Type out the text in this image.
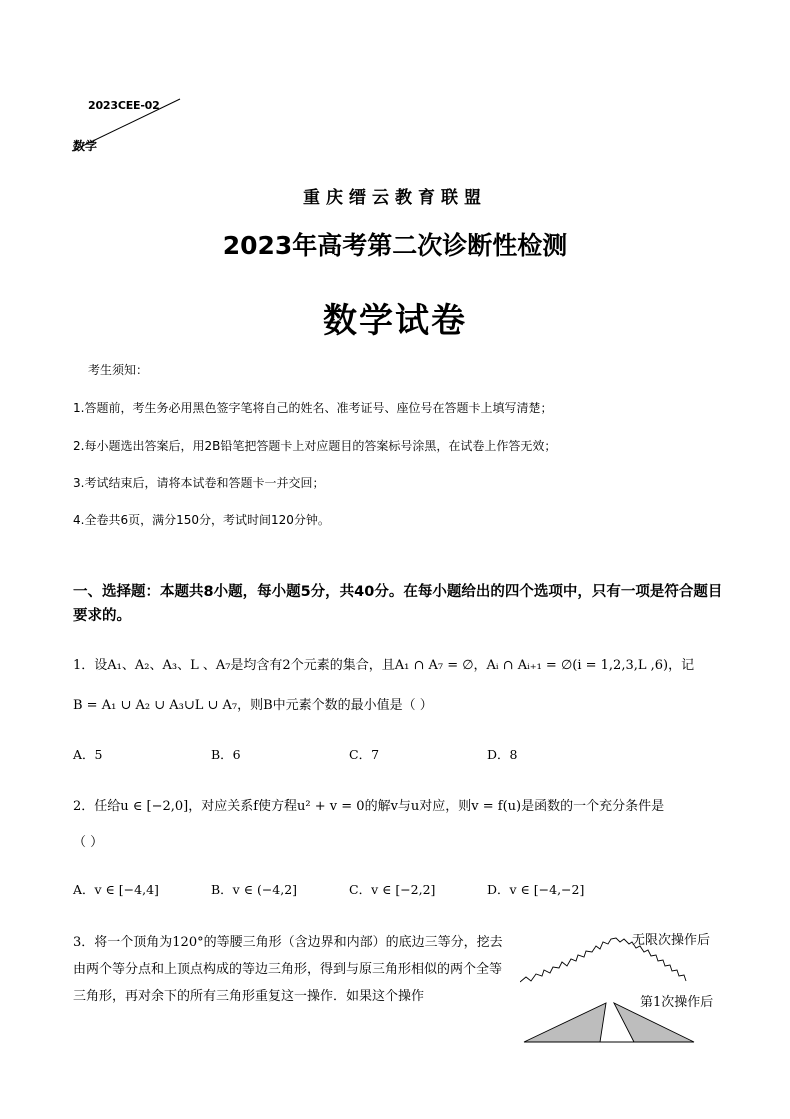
2023CEE-02
数学
重庆缙云教育联盟
2023年高考第二次诊断性检测
数学试卷
考生须知：
1.答题前，考生务必用黑色签字笔将自己的姓名、准考证号、座位号在答题卡上填写清楚；
2.每小题选出答案后，用2B铅笔把答题卡上对应题目的答案标号涂黑，在试卷上作答无效；
3.考试结束后，请将本试卷和答题卡一并交回；
4.全卷共6页，满分150分，考试时间120分钟。
一、选择题：本题共8小题，每小题5分，共40分。在每小题给出的四个选项中，只有一项是符合题目要求的。
1．设A₁、A₂、A₃、L 、A₇是均含有2个元素的集合，且A₁ ∩ A₇ = ∅，Aᵢ ∩ Aᵢ₊₁ = ∅(i = 1,2,3,L ,6)，记
B = A₁ ∪ A₂ ∪ A₃∪L ∪ A₇，则B中元素个数的最小值是（ ）
A．5	B．6	C．7	D．8
2．任给u ∈ [−2,0]，对应关系f使方程u² + v = 0的解v与u对应，则v = f(u)是函数的一个充分条件是
（ ）
A．v ∈ [−4,4]	B．v ∈ (−4,2]	C．v ∈ [−2,2]	D．v ∈ [−4,−2]
3．将一个顶角为120°的等腰三角形（含边界和内部）的底边三等分，挖去由两个等分点和上顶点构成的等边三角形，得到与原三角形相似的两个全等三角形，再对余下的所有三角形重复这一操作．如果这个操作
无限次操作后
第1次操作后
